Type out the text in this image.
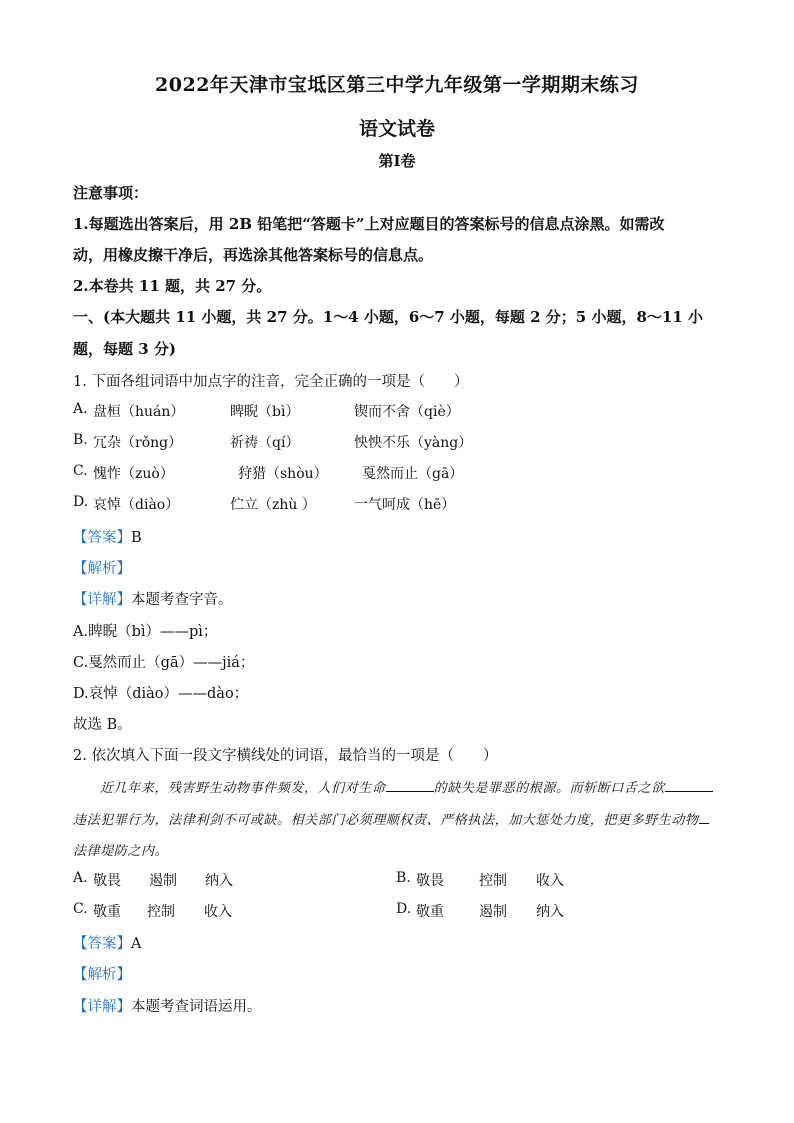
2022年天津市宝坻区第三中学九年级第一学期期末练习
语文试卷
第Ⅰ卷
注意事项：
1.每题选出答案后，用 2B 铅笔把“答题卡”上对应题目的答案标号的信息点涂黑。如需改
动，用橡皮擦干净后，再选涂其他答案标号的信息点。
2.本卷共 11 题，共 27 分。
一、(本大题共 11 小题，共 27 分。1～4 小题，6～7 小题，每题 2 分；5 小题，8～11 小
题，每题 3 分)
1. 下面各组词语中加点字的注音，完全正确的一项是（　　）
A. 盘桓（huán）	睥睨（bì）	锲而不舍（qiè）
B. 冗杂（rǒng）	祈祷（qí）	怏怏不乐（yàng）
C. 愧怍（zuò）	狩猎（shòu） 戛然而止（gā）
D. 哀悼（diào）	伫立（zhù ）	一气呵成（hē）
【答案】B
【解析】
【详解】本题考查字音。
A.睥睨（bì）——pì；
C.戛然而止（gā）——jiá；
D.哀悼（diào）——dào；
故选 B。
2. 依次填入下面一段文字横线处的词语，最恰当的一项是（　　）
近几年来，残害野生动物事件频发，人们对生命	的缺失是罪恶的根源。而斩断口舌之欲
违法犯罪行为，法律利剑不可或缺。相关部门必须理顺权责、严格执法，加大惩处力度，把更多野生动物
法律堤防之内。
A. 敬畏 遏制 纳入	B. 敬畏	控制 收入
C. 敬重 控制 收入	D. 敬重	遏制 纳入
【答案】A
【解析】
【详解】本题考查词语运用。
